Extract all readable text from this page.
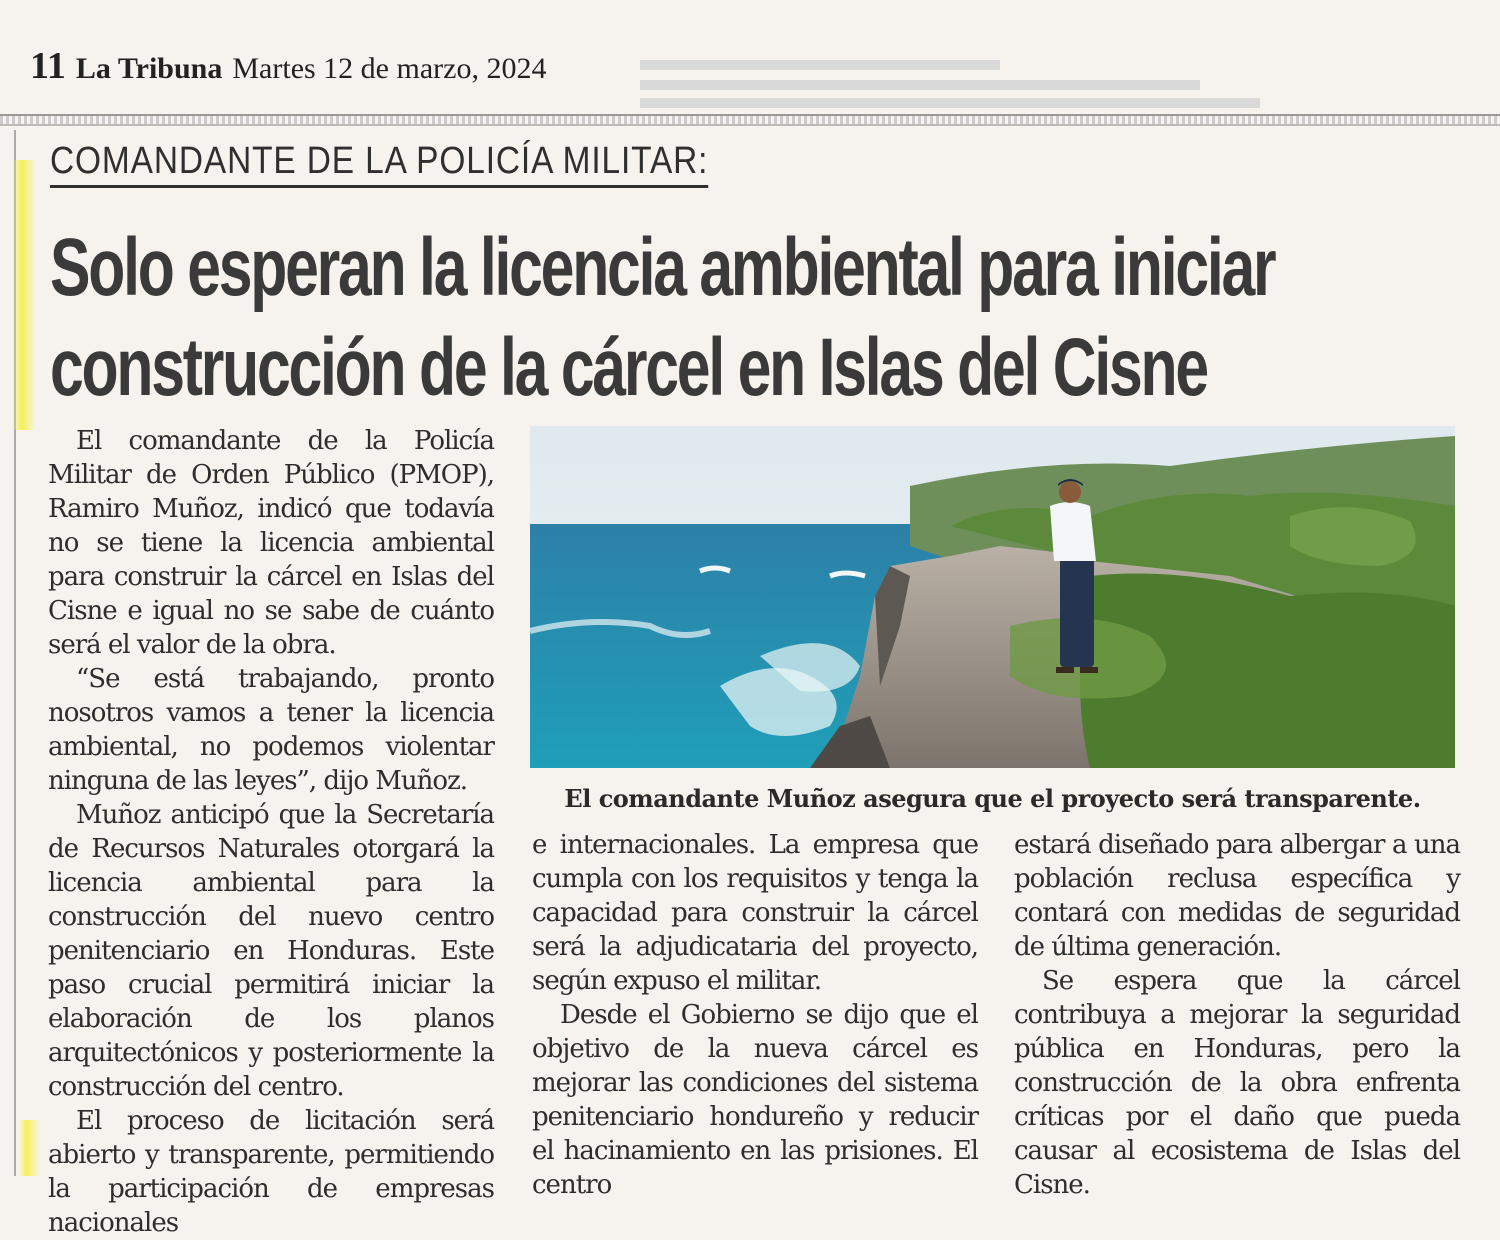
11 La Tribuna Martes 12 de marzo, 2024
COMANDANTE DE LA POLICÍA MILITAR:
Solo esperan la licencia ambiental para iniciar
construcción de la cárcel en Islas del Cisne

El comandante de la Policía Militar de Orden Público (PMOP), Ramiro Muñoz, indicó que todavía no se tiene la licencia ambiental para construir la cárcel en Islas del Cisne e igual no se sabe de cuánto será el valor de la obra.

“Se está trabajando, pronto nosotros vamos a tener la licencia ambiental, no podemos violentar ninguna de las leyes”, dijo Muñoz.

Muñoz anticipó que la Secretaría de Recursos Naturales otorgará la licencia ambiental para la construcción del nuevo centro penitenciario en Honduras. Este paso crucial permitirá iniciar la elaboración de los planos arquitectónicos y posteriormente la construcción del centro.

El proceso de licitación será abierto y transparente, permitiendo la participación de empresas nacionales

El comandante Muñoz asegura que el proyecto será transparente.

e internacionales. La empresa que cumpla con los requisitos y tenga la capacidad para construir la cárcel será la adjudicataria del proyecto, según expuso el militar.

Desde el Gobierno se dijo que el objetivo de la nueva cárcel es mejorar las condiciones del sistema penitenciario hondureño y reducir el hacinamiento en las prisiones. El centro

estará diseñado para albergar a una población reclusa específica y contará con medidas de seguridad de última generación.

Se espera que la cárcel contribuya a mejorar la seguridad pública en Honduras, pero la construcción de la obra enfrenta críticas por el daño que pueda causar al ecosistema de Islas del Cisne.
